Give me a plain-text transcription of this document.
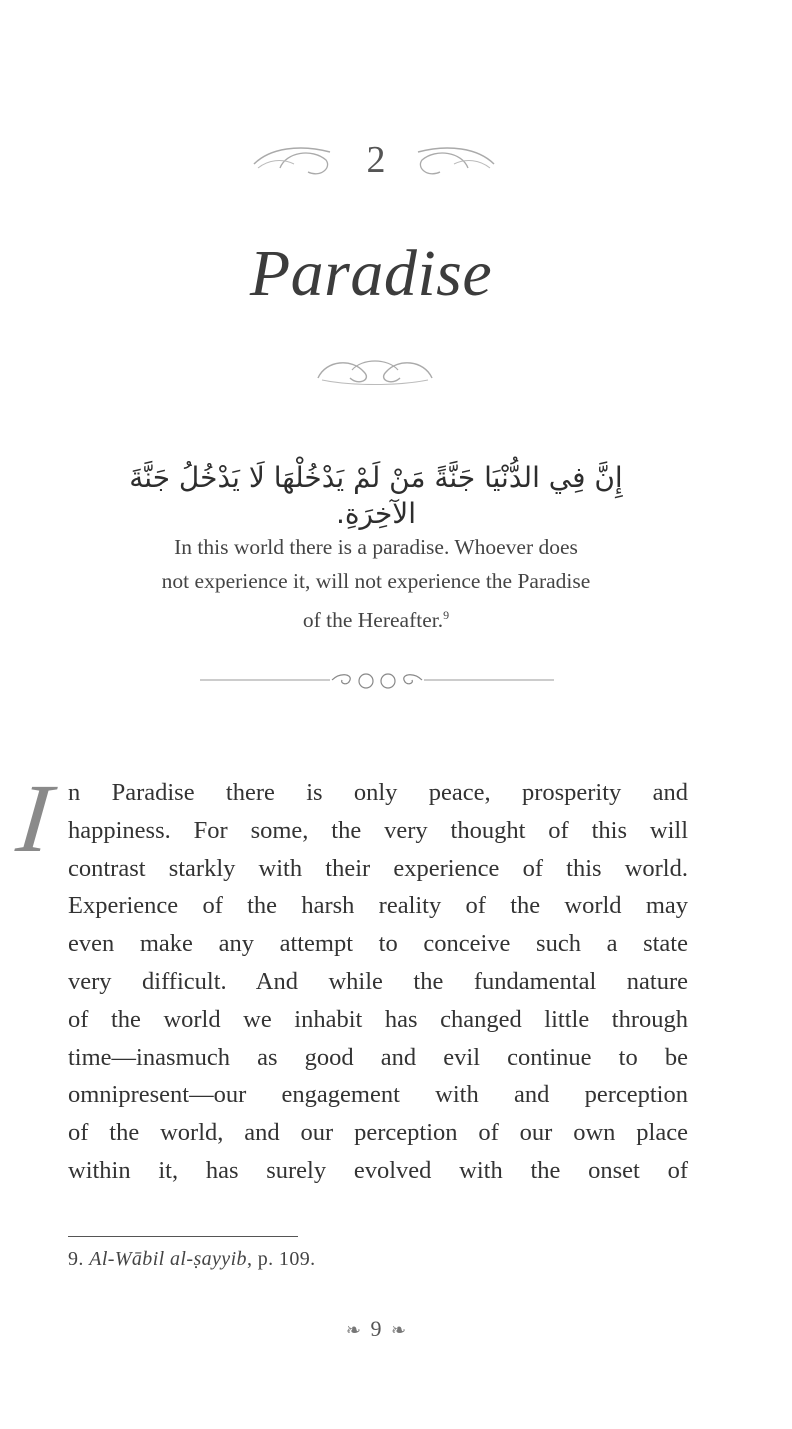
2
Paradise
إِنَّ فِي الدُّنْيَا جَنَّةً مَنْ لَمْ يَدْخُلْهَا لَا يَدْخُلُ جَنَّةَ الآخِرَةِ.
In this world there is a paradise. Whoever does
not experience it, will not experience the Paradise
of the Hereafter.$^9$
I n Paradise there is only peace, prosperity and
happiness. For some, the very thought of this will
contrast starkly with their experience of this world.
Experience of the harsh reality of the world may
even make any attempt to conceive such a state
very difficult. And while the fundamental nature
of the world we inhabit has changed little through
time—inasmuch as good and evil continue to be
omnipresent—our engagement with and perception
of the world, and our perception of our own place
within it, has surely evolved with the onset of
9. Al-Wābil al-ṣayyib, p. 109.
❧ 9 ❧
